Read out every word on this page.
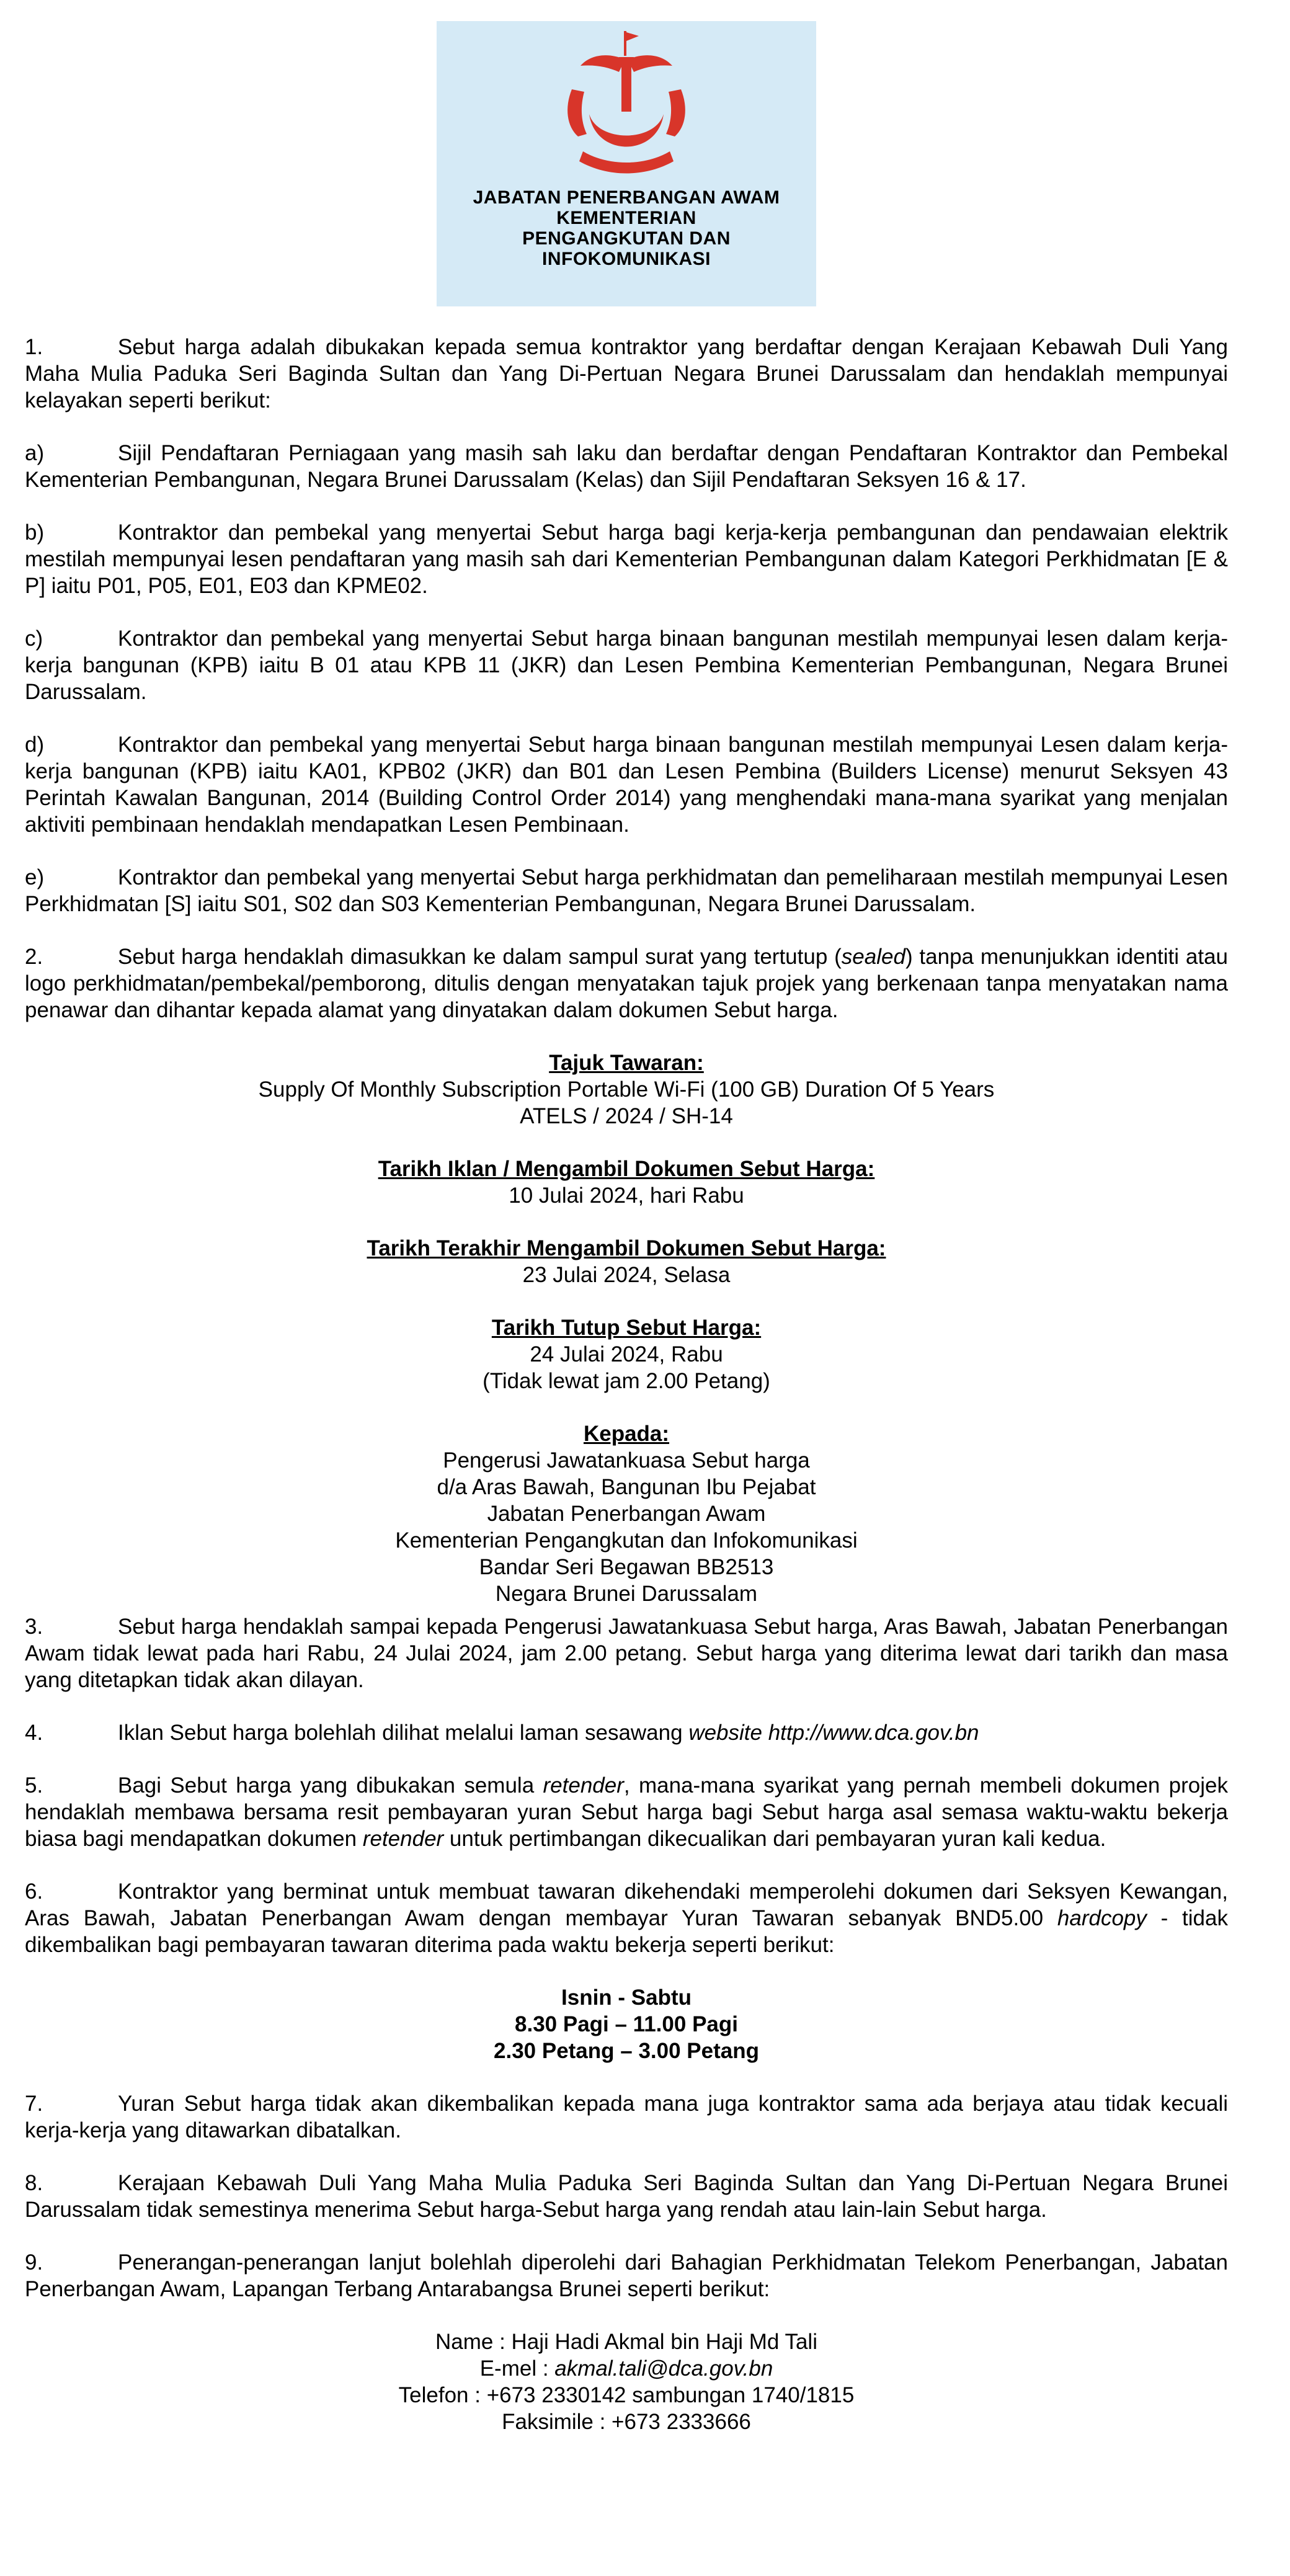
JABATAN PENERBANGAN AWAM
KEMENTERIAN
PENGANGKUTAN DAN
INFOKOMUNIKASI

1.	Sebut harga adalah dibukakan kepada semua kontraktor yang berdaftar dengan Kerajaan Kebawah Duli Yang Maha Mulia Paduka Seri Baginda Sultan dan Yang Di-Pertuan Negara Brunei Darussalam dan hendaklah mempunyai kelayakan seperti berikut:

a)	Sijil Pendaftaran Perniagaan yang masih sah laku dan berdaftar dengan Pendaftaran Kontraktor dan Pembekal Kementerian Pembangunan, Negara Brunei Darussalam (Kelas) dan Sijil Pendaftaran Seksyen 16 & 17.

b)	Kontraktor dan pembekal yang menyertai Sebut harga bagi kerja-kerja pembangunan dan pendawaian elektrik mestilah mempunyai lesen pendaftaran yang masih sah dari Kementerian Pembangunan dalam Kategori Perkhidmatan [E & P] iaitu P01, P05, E01, E03 dan KPME02.

c)	Kontraktor dan pembekal yang menyertai Sebut harga binaan bangunan mestilah mempunyai lesen dalam kerja-kerja bangunan (KPB) iaitu B 01 atau KPB 11 (JKR) dan Lesen Pembina Kementerian Pembangunan, Negara Brunei Darussalam.

d)	Kontraktor dan pembekal yang menyertai Sebut harga binaan bangunan mestilah mempunyai Lesen dalam kerja-kerja bangunan (KPB) iaitu KA01, KPB02 (JKR) dan B01 dan Lesen Pembina (Builders License) menurut Seksyen 43 Perintah Kawalan Bangunan, 2014 (Building Control Order 2014) yang menghendaki mana-mana syarikat yang menjalan aktiviti pembinaan hendaklah mendapatkan Lesen Pembinaan.

e)	Kontraktor dan pembekal yang menyertai Sebut harga perkhidmatan dan pemeliharaan mestilah mempunyai Lesen Perkhidmatan [S] iaitu S01, S02 dan S03 Kementerian Pembangunan, Negara Brunei Darussalam.

2.	Sebut harga hendaklah dimasukkan ke dalam sampul surat yang tertutup (sealed) tanpa menunjukkan identiti atau logo perkhidmatan/pembekal/pemborong, ditulis dengan menyatakan tajuk projek yang berkenaan tanpa menyatakan nama penawar dan dihantar kepada alamat yang dinyatakan dalam dokumen Sebut harga.

Tajuk Tawaran:
Supply Of Monthly Subscription Portable Wi-Fi (100 GB) Duration Of 5 Years
ATELS / 2024 / SH-14
Tarikh Iklan / Mengambil Dokumen Sebut Harga:
10 Julai 2024, hari Rabu
Tarikh Terakhir Mengambil Dokumen Sebut Harga:
23 Julai 2024, Selasa
Tarikh Tutup Sebut Harga:
24 Julai 2024, Rabu
(Tidak lewat jam 2.00 Petang)
Kepada:
Pengerusi Jawatankuasa Sebut harga
d/a Aras Bawah, Bangunan Ibu Pejabat
Jabatan Penerbangan Awam
Kementerian Pengangkutan dan Infokomunikasi
Bandar Seri Begawan BB2513
Negara Brunei Darussalam

3.	Sebut harga hendaklah sampai kepada Pengerusi Jawatankuasa Sebut harga, Aras Bawah, Jabatan Penerbangan Awam tidak lewat pada hari Rabu, 24 Julai 2024, jam 2.00 petang. Sebut harga yang diterima lewat dari tarikh dan masa yang ditetapkan tidak akan dilayan.

4.	Iklan Sebut harga bolehlah dilihat melalui laman sesawang website http://www.dca.gov.bn

5.	Bagi Sebut harga yang dibukakan semula retender, mana-mana syarikat yang pernah membeli dokumen projek hendaklah membawa bersama resit pembayaran yuran Sebut harga bagi Sebut harga asal semasa waktu-waktu bekerja biasa bagi mendapatkan dokumen retender untuk pertimbangan dikecualikan dari pembayaran yuran kali kedua.

6.	Kontraktor yang berminat untuk membuat tawaran dikehendaki memperolehi dokumen dari Seksyen Kewangan, Aras Bawah, Jabatan Penerbangan Awam dengan membayar Yuran Tawaran sebanyak BND5.00 hardcopy - tidak dikembalikan bagi pembayaran tawaran diterima pada waktu bekerja seperti berikut:

Isnin - Sabtu
8.30 Pagi – 11.00 Pagi
2.30 Petang – 3.00 Petang

7.	Yuran Sebut harga tidak akan dikembalikan kepada mana juga kontraktor sama ada berjaya atau tidak kecuali kerja-kerja yang ditawarkan dibatalkan.

8.	Kerajaan Kebawah Duli Yang Maha Mulia Paduka Seri Baginda Sultan dan Yang Di-Pertuan Negara Brunei Darussalam tidak semestinya menerima Sebut harga-Sebut harga yang rendah atau lain-lain Sebut harga.

9.	Penerangan-penerangan lanjut bolehlah diperolehi dari Bahagian Perkhidmatan Telekom Penerbangan, Jabatan Penerbangan Awam, Lapangan Terbang Antarabangsa Brunei seperti berikut:

Name : Haji Hadi Akmal bin Haji Md Tali
E-mel : akmal.tali@dca.gov.bn
Telefon : +673 2330142 sambungan 1740/1815
Faksimile : +673 2333666
